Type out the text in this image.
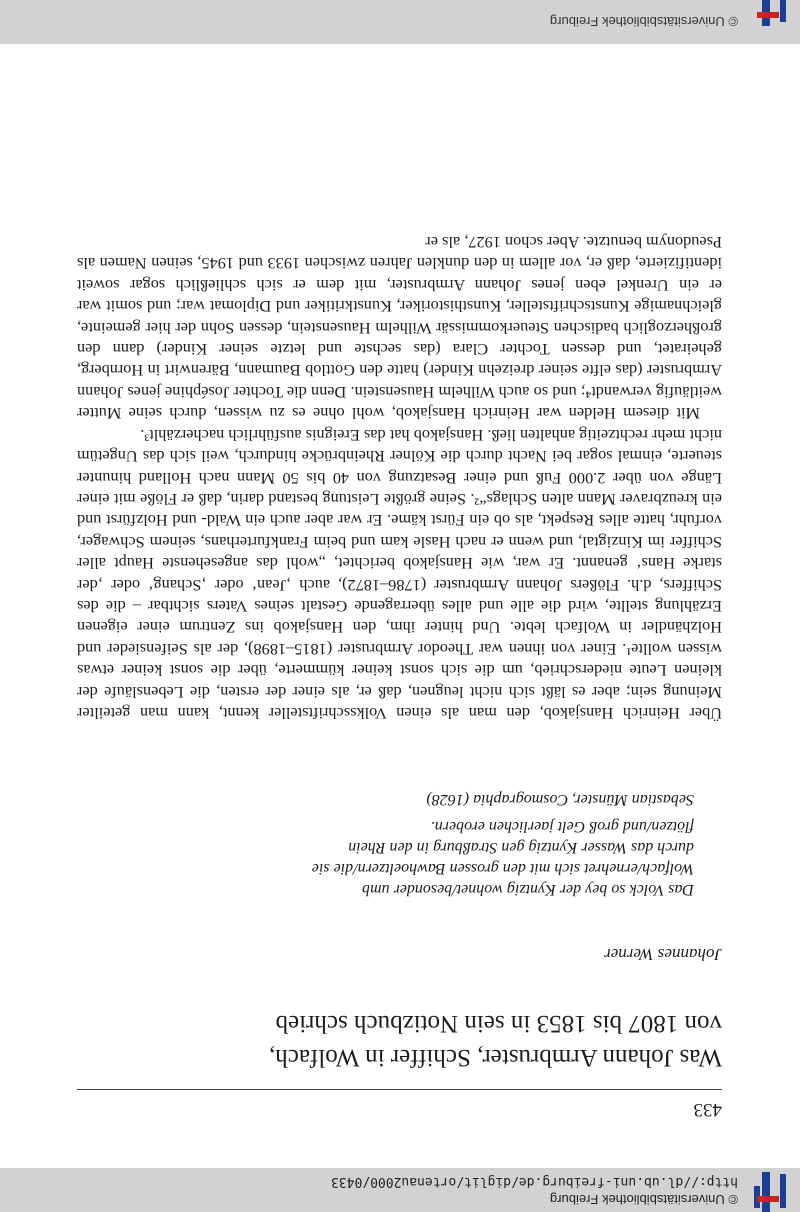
© Universitätsbibliothek Freiburg
http://dl.ub.uni-freiburg.de/diglit/ortenau2000/0433
433
Was Johann Armbruster, Schiffer in Wolfach,
von 1807 bis 1853 in sein Notizbuch schrieb
Johannes Werner
Das Volck so bey der Kyntzig wohnet/besonder umb Wolfach/ernehret sich mit den grossen Bawhoeltzern/die sie durch das Wasser Kyntzig gen Straßburg in den Rhein flötzen/und groß Gelt jaerlichen erobern.
Sebastian Münster, Cosmographia (1628)

Über Heinrich Hansjakob, den man als einen Volksschriftsteller kennt, kann man geteilter Meinung sein; aber es läßt sich nicht leugnen, daß er, als einer der ersten, die Lebensläufe der kleinen Leute niederschrieb, um die sich sonst keiner kümmerte, über die sonst keiner etwas wissen wollte¹. Einer von ihnen war Theodor Armbruster (1815–1898), der als Seifensieder und Holzhändler in Wolfach lebte. Und hinter ihm, den Hansjakob ins Zentrum einer eigenen Erzählung stellte, wird die alle und alles überragende Gestalt seines Vaters sichtbar – die des Schiffers, d.h. Flößers Johann Armbruster (1786–1872), auch ‚Jean‘ oder ‚Schang‘ oder ‚der starke Hans‘ genannt. Er war, wie Hansjakob berichtet, „wohl das angesehenste Haupt aller Schiffer im Kinzigtal, und wenn er nach Hasle kam und beim Frankfurterhans, seinem Schwager, vorfuhr, hatte alles Respekt, als ob ein Fürst käme. Er war aber auch ein Wald- und Holzfürst und ein kreuzbraver Mann alten Schlags“². Seine größte Leistung bestand darin, daß er Flöße mit einer Länge von über 2.000 Fuß und einer Besatzung von 40 bis 50 Mann nach Holland hinunter steuerte, einmal sogar bei Nacht durch die Kölner Rheinbrücke hindurch, weil sich das Ungetüm nicht mehr rechtzeitig anhalten ließ. Hansjakob hat das Ereignis ausführlich nacherzählt³.

Mit diesem Helden war Heinrich Hansjakob, wohl ohne es zu wissen, durch seine Mutter weitläufig verwandt⁴; und so auch Wilhelm Hausenstein. Denn die Tochter Joséphine jenes Johann Armbruster (das elfte seiner dreizehn Kinder) hatte den Gottlob Baumann, Bärenwirt in Hornberg, geheiratet, und dessen Tochter Clara (das sechste und letzte seiner Kinder) dann den großherzoglich badischen Steuerkommissär Wilhelm Hausenstein, dessen Sohn der hier gemeinte, gleichnamige Kunstschriftsteller, Kunsthistoriker, Kunstkritiker und Diplomat war; und somit war er ein Urenkel eben jenes Johann Armbruster, mit dem er sich schließlich sogar soweit identifizierte, daß er, vor allem in den dunklen Jahren zwischen 1933 und 1945, seinen Namen als Pseudonym benutzte. Aber schon 1927, als er

© Universitätsbibliothek Freiburg
